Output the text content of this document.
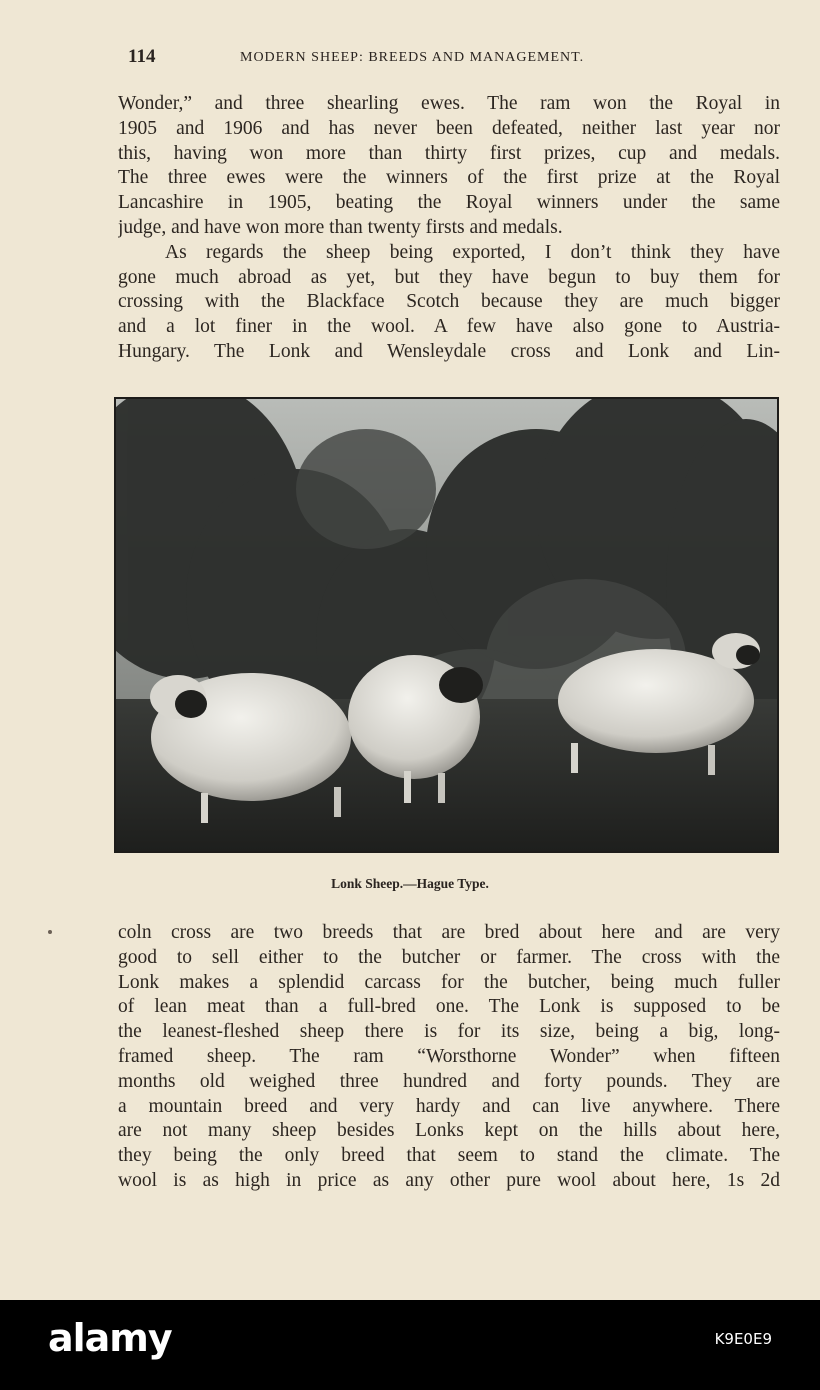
114	MODERN SHEEP: BREEDS AND MANAGEMENT.
Wonder,” and three shearling ewes. The ram won the Royal in
1905 and 1906 and has never been defeated, neither last year nor
this, having won more than thirty first prizes, cup and medals.
The three ewes were the winners of the first prize at the Royal
Lancashire in 1905, beating the Royal winners under the same
judge, and have won more than twenty firsts and medals.
As regards the sheep being exported, I don’t think they have
gone much abroad as yet, but they have begun to buy them for
crossing with the Blackface Scotch because they are much bigger
and a lot finer in the wool. A few have also gone to Austria-
Hungary. The Lonk and Wensleydale cross and Lonk and Lin-
Lonk Sheep.—Hague Type.
coln cross are two breeds that are bred about here and are very
good to sell either to the butcher or farmer. The cross with the
Lonk makes a splendid carcass for the butcher, being much fuller
of lean meat than a full-bred one. The Lonk is supposed to be
the leanest-fleshed sheep there is for its size, being a big, long-
framed sheep. The ram “Worsthorne Wonder” when fifteen
months old weighed three hundred and forty pounds. They are
a mountain breed and very hardy and can live anywhere. There
are not many sheep besides Lonks kept on the hills about here,
they being the only breed that seem to stand the climate. The
wool is as high in price as any other pure wool about here, 1s 2d
alamy	K9E0E9
